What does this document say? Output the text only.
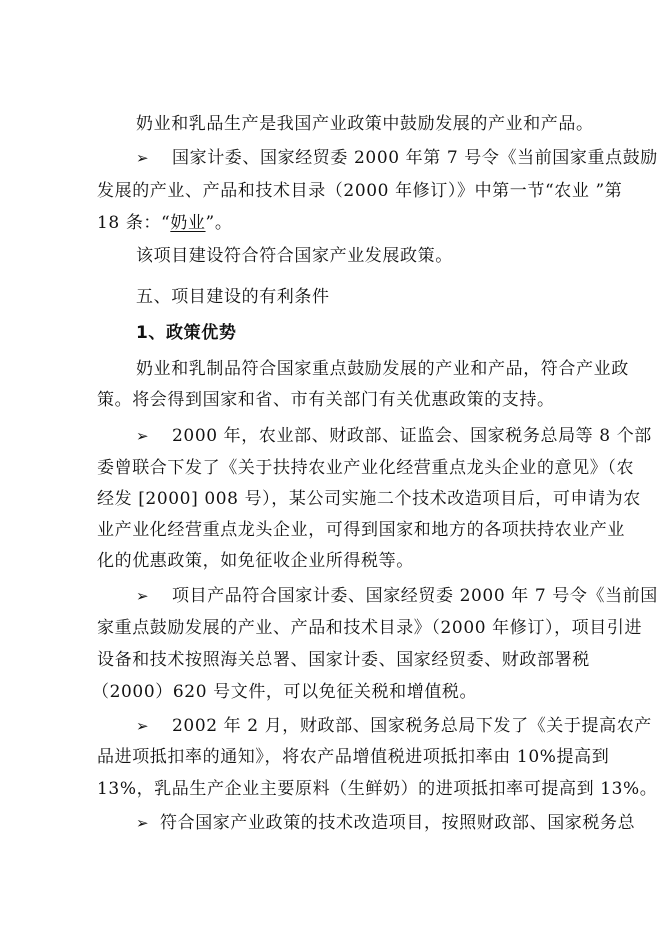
奶业和乳品生产是我国产业政策中鼓励发展的产业和产品。
➢ 国家计委、国家经贸委 2000 年第 7 号令《当前国家重点鼓励
发展的产业、产品和技术目录（2000 年修订）》中第一节“农业 ”第
18 条：“奶业”。
该项目建设符合符合国家产业发展政策。
五、项目建设的有利条件
1、政策优势
奶业和乳制品符合国家重点鼓励发展的产业和产品，符合产业政
策。将会得到国家和省、市有关部门有关优惠政策的支持。
➢ 2000 年，农业部、财政部、证监会、国家税务总局等 8 个部
委曾联合下发了《关于扶持农业产业化经营重点龙头企业的意见》（农
经发 [2000] 008 号），某公司实施二个技术改造项目后，可申请为农
业产业化经营重点龙头企业，可得到国家和地方的各项扶持农业产业
化的优惠政策，如免征收企业所得税等。
➢ 项目产品符合国家计委、国家经贸委 2000 年 7 号令《当前国
家重点鼓励发展的产业、产品和技术目录》（2000 年修订），项目引进
设备和技术按照海关总署、国家计委、国家经贸委、财政部署税
（2000）620 号文件，可以免征关税和增值税。
➢ 2002 年 2 月，财政部、国家税务总局下发了《关于提高农产
品进项抵扣率的通知》，将农产品增值税进项抵扣率由 10%提高到
13%，乳品生产企业主要原料（生鲜奶）的进项抵扣率可提高到 13%。
➢ 符合国家产业政策的技术改造项目，按照财政部、国家税务总
